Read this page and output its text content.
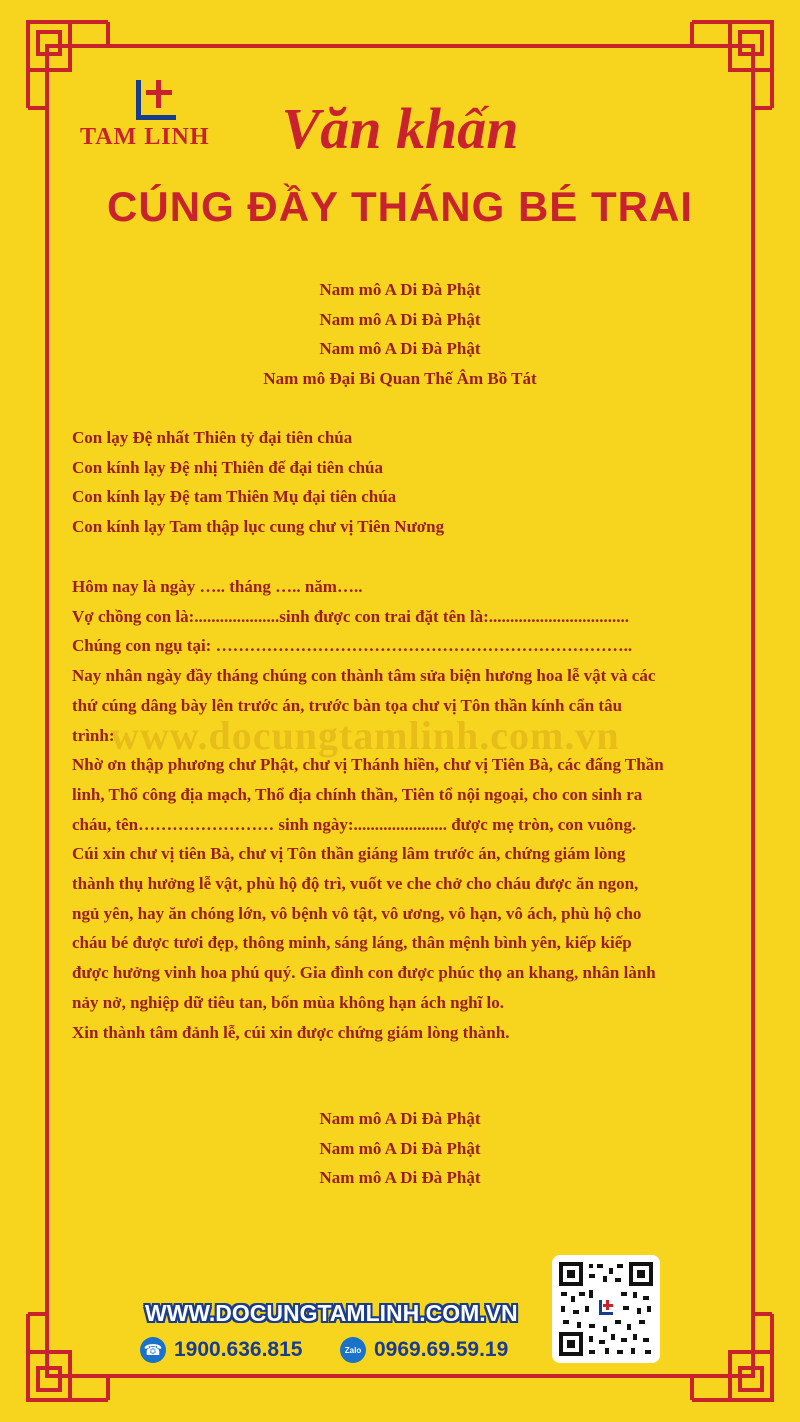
TAM LINH	Văn khấn
CÚNG ĐẦY THÁNG BÉ TRAI
Nam mô A Di Đà Phật
Nam mô A Di Đà Phật
Nam mô A Di Đà Phật
Nam mô Đại Bi Quan Thế Âm Bồ Tát
Con lạy Đệ nhất Thiên tỷ đại tiên chúa
Con kính lạy Đệ nhị Thiên đế đại tiên chúa
Con kính lạy Đệ tam Thiên Mụ đại tiên chúa
Con kính lạy Tam thập lục cung chư vị Tiên Nương
www.docungtamlinh.com.vn
Hôm nay là ngày ….. tháng ….. năm…..
Vợ chồng con là:....................sinh được con trai đặt tên là:.................................
Chúng con ngụ tại: ………………………………………………………………..
Nay nhân ngày đầy tháng chúng con thành tâm sửa biện hương hoa lễ vật và các
thứ cúng dâng bày lên trước án, trước bàn tọa chư vị Tôn thần kính cẩn tâu
trình:
Nhờ ơn thập phương chư Phật, chư vị Thánh hiền, chư vị Tiên Bà, các đấng Thần
linh, Thổ công địa mạch, Thổ địa chính thần, Tiên tổ nội ngoại, cho con sinh ra
cháu, tên…………………… sinh ngày:...................... được mẹ tròn, con vuông.
Cúi xin chư vị tiên Bà, chư vị Tôn thần giáng lâm trước án, chứng giám lòng
thành thụ hưởng lễ vật, phù hộ độ trì, vuốt ve che chở cho cháu được ăn ngon,
ngủ yên, hay ăn chóng lớn, vô bệnh vô tật, vô ương, vô hạn, vô ách, phù hộ cho
cháu bé được tươi đẹp, thông minh, sáng láng, thân mệnh bình yên, kiếp kiếp
được hưởng vinh hoa phú quý. Gia đình con được phúc thọ an khang, nhân lành
nảy nở, nghiệp dữ tiêu tan, bốn mùa không hạn ách nghĩ lo.
Xin thành tâm đảnh lễ, cúi xin được chứng giám lòng thành.
Nam mô A Di Đà Phật
Nam mô A Di Đà Phật
Nam mô A Di Đà Phật
WWW.DOCUNGTAMLINH.COM.VN
☎ 1900.636.815	Zalo 0969.69.59.19
